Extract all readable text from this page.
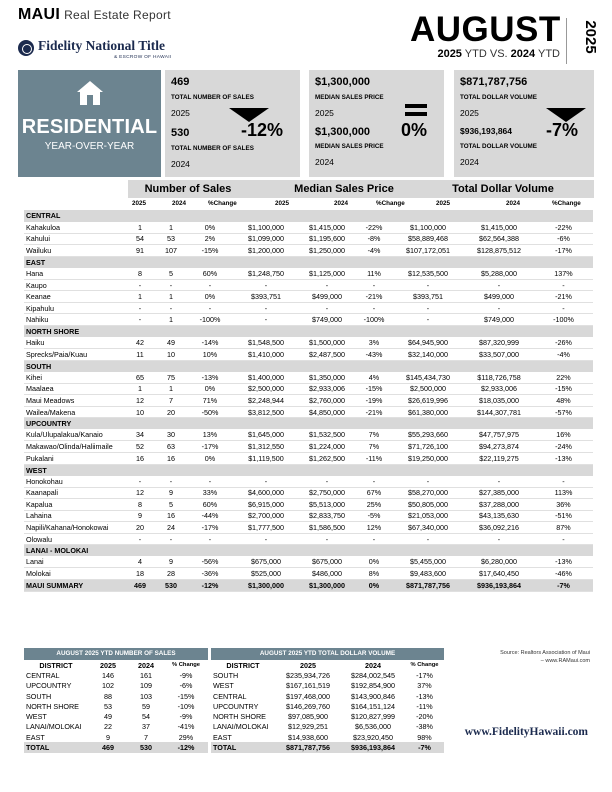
MAUI Real Estate Report
Fidelity National Title
& ESCROW OF HAWAII
AUGUST
2025 YTD VS. 2024 YTD
2025
RESIDENTIAL
YEAR-OVER-YEAR
469
TOTAL NUMBER OF SALES
2025
530	-12%
TOTAL NUMBER OF SALES
2024
$1,300,000
MEDIAN SALES PRICE
2025
$1,300,000 0%
MEDIAN SALES PRICE
2024
$871,787,756
TOTAL DOLLAR VOLUME
2025
$936,193,864 -7%
TOTAL DOLLAR VOLUME
2024
Number of Sales	Median Sales Price	Total Dollar Volume
2025	2024	%Change	2025	2024	%Change	2025	2024	%Change
CENTRAL									
Kahakuloa	1	1	0%	$1,100,000	$1,415,000	-22%	$1,100,000	$1,415,000	-22%
Kahului	54	53	2%	$1,099,000	$1,195,600	-8%	$58,889,468	$62,564,388	-6%
Wailuku	91	107	-15%	$1,200,000	$1,250,000	-4%	$107,172,051	$128,875,512	-17%
EAST									
Hana	8	5	60%	$1,248,750	$1,125,000	11%	$12,535,500	$5,288,000	137%
Kaupo	-	-	-	-	-	-	-	-	-
Keanae	1	1	0%	$393,751	$499,000	-21%	$393,751	$499,000	-21%
Kipahulu	-	-	-	-	-	-	-	-	-
Nahiku	-	1	-100%	-	$749,000	-100%	-	$749,000	-100%
NORTH SHORE									
Haiku	42	49	-14%	$1,548,500	$1,500,000	3%	$64,945,900	$87,320,999	-26%
Sprecks/Paia/Kuau	11	10	10%	$1,410,000	$2,487,500	-43%	$32,140,000	$33,507,000	-4%
SOUTH									
Kihei	65	75	-13%	$1,400,000	$1,350,000	4%	$145,434,730	$118,726,758	22%
Maalaea	1	1	0%	$2,500,000	$2,933,006	-15%	$2,500,000	$2,933,006	-15%
Maui Meadows	12	7	71%	$2,248,944	$2,760,000	-19%	$26,619,996	$18,035,000	48%
Wailea/Makena	10	20	-50%	$3,812,500	$4,850,000	-21%	$61,380,000	$144,307,781	-57%
UPCOUNTRY									
Kula/Ulupalakua/Kanaio	34	30	13%	$1,645,000	$1,532,500	7%	$55,293,660	$47,757,975	16%
Makawao/Olinda/Haliimaile	52	63	-17%	$1,312,550	$1,224,000	7%	$71,726,100	$94,273,874	-24%
Pukalani	16	16	0%	$1,119,500	$1,262,500	-11%	$19,250,000	$22,119,275	-13%
WEST									
Honokohau	-	-	-	-	-	-	-	-	-
Kaanapali	12	9	33%	$4,600,000	$2,750,000	67%	$58,270,000	$27,385,000	113%
Kapalua	8	5	60%	$6,915,000	$5,513,000	25%	$50,805,000	$37,288,000	36%
Lahaina	9	16	-44%	$2,700,000	$2,833,750	-5%	$21,053,000	$43,135,630	-51%
Napili/Kahana/Honokowai	20	24	-17%	$1,777,500	$1,586,500	12%	$67,340,000	$36,092,216	87%
Olowalu	-	-	-	-	-	-	-	-	-
LANAI - MOLOKAI									
Lanai	4	9	-56%	$675,000	$675,000	0%	$5,455,000	$6,280,000	-13%
Molokai	18	28	-36%	$525,000	$486,000	8%	$9,483,600	$17,640,450	-46%
MAUI SUMMARY	469	530	-12%	$1,300,000	$1,300,000	0%	$871,787,756	$936,193,864	-7%
AUGUST 2025 YTD NUMBER OF SALES
DISTRICT	2025	2024	% Change
CENTRAL	146	161	-9%
UPCOUNTRY	102	109	-6%
SOUTH	88	103	-15%
NORTH SHORE	53	59	-10%
WEST	49	54	-9%
LANAI/MOLOKAI	22	37	-41%
EAST	9	7	29%
TOTAL	469	530	-12%
AUGUST 2025 YTD TOTAL DOLLAR VOLUME
DISTRICT	2025	2024	% Change
SOUTH	$235,934,726	$284,002,545	-17%
WEST	$167,161,519	$192,854,900	37%
CENTRAL	$197,468,000	$143,900,846	-13%
UPCOUNTRY	$146,269,760	$164,151,124	-11%
NORTH SHORE	$97,085,900	$120,827,999	-20%
LANAI/MOLOKAI	$12,929,251	$6,536,000	-38%
EAST	$14,938,600	$23,920,450	98%
TOTAL	$871,787,756	$936,193,864	-7%
Source: Realtors Association of Maui
– www.RAMaui.com
www.FidelityHawaii.com
